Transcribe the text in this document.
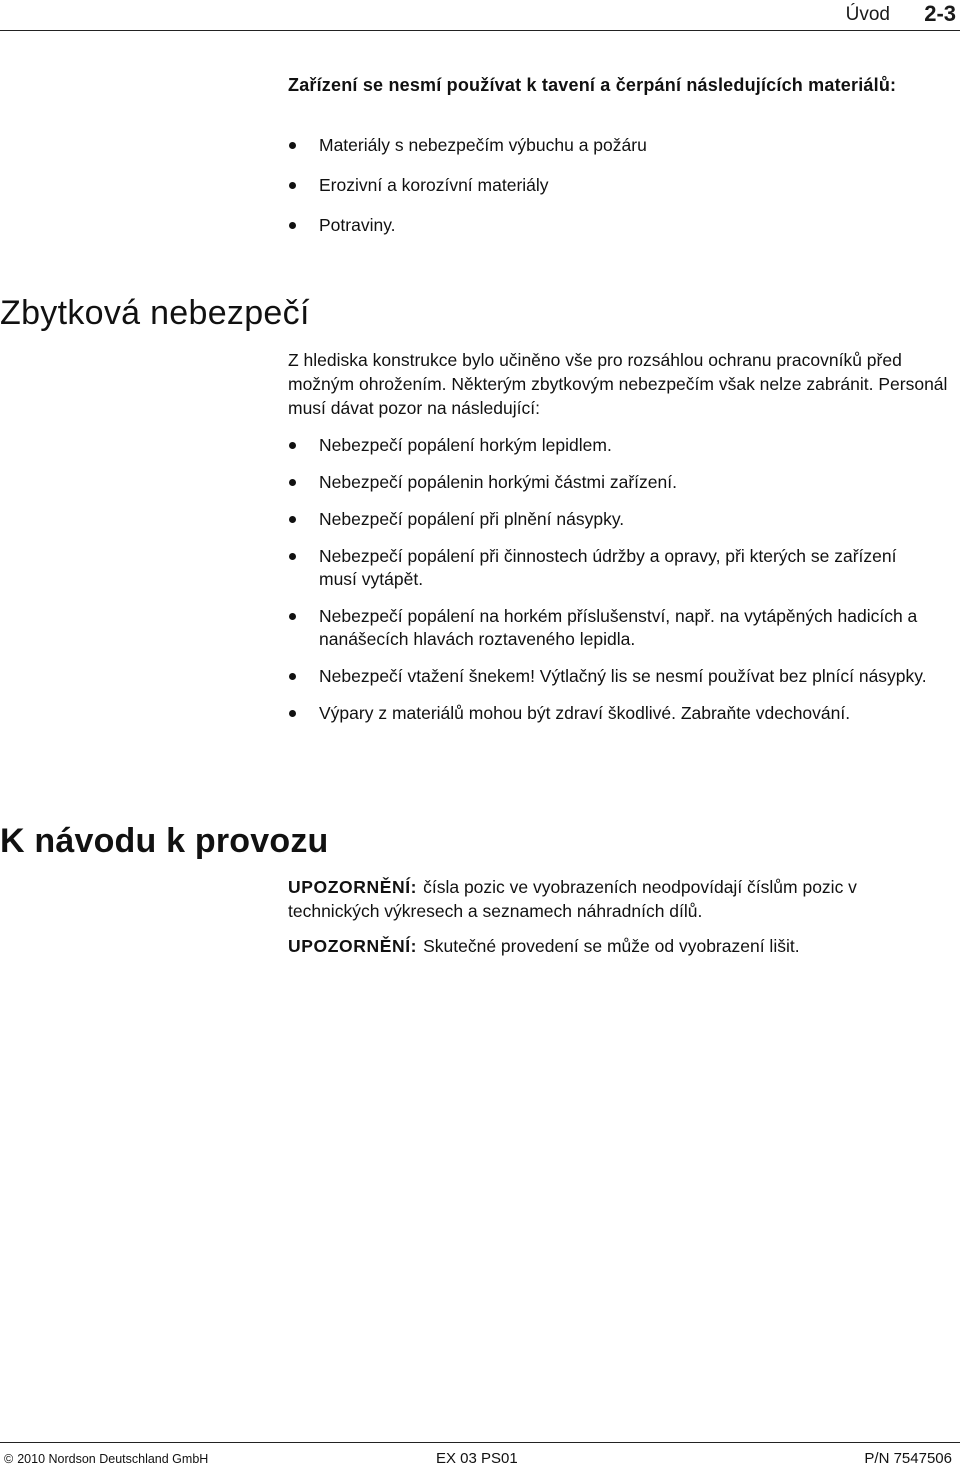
Úvod 2-3
Zařízení se nesmí používat k tavení a čerpání následujících materiálů:
Materiály s nebezpečím výbuchu a požáru
Erozivní a korozívní materiály
Potraviny.
Zbytková nebezpečí

Z hlediska konstrukce bylo učiněno vše pro rozsáhlou ochranu pracovníků před možným ohrožením. Některým zbytkovým nebezpečím však nelze zabránit. Personál musí dávat pozor na následující:

Nebezpečí popálení horkým lepidlem.
Nebezpečí popálenin horkými částmi zařízení.
Nebezpečí popálení při plnění násypky.
Nebezpečí popálení při činnostech údržby a opravy, při kterých se zařízení musí vytápět.
Nebezpečí popálení na horkém příslušenství, např. na vytápěných hadicích a nanášecích hlavách roztaveného lepidla.
Nebezpečí vtažení šnekem! Výtlačný lis se nesmí používat bez plnící násypky.
Výpary z materiálů mohou být zdraví škodlivé. Zabraňte vdechování.
K návodu k provozu

UPOZORNĚNÍ: čísla pozic ve vyobrazeních neodpovídají číslům pozic v technických výkresech a seznamech náhradních dílů.

UPOZORNĚNÍ: Skutečné provedení se může od vyobrazení lišit.

© 2010 Nordson Deutschland GmbH	EX 03 PS01	P/N 7547506
